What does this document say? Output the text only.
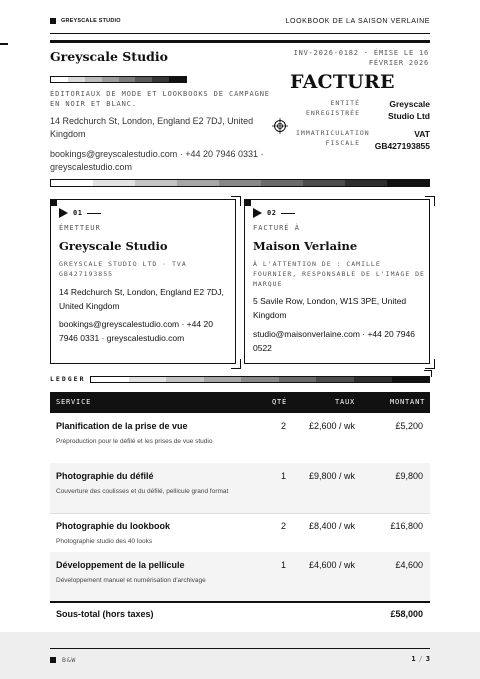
GREYSCALE STUDIO	LOOKBOOK DE LA SAISON VERLAINE
Greyscale Studio
ÉDITORIAUX DE MODE ET LOOKBOOKS DE CAMPAGNE EN NOIR ET BLANC.
14 Redchurch St, London, England E2 7DJ, United Kingdom
bookings@greyscalestudio.com · +44 20 7946 0331 · greyscalestudio.com
INV-2026-0182 · ÉMISE LE 16
FÉVRIER 2026
FACTURE
ENTITÉ ENREGISTRÉE
Greyscale Studio Ltd
IMMATRICULATION FISCALE
VAT GB427193855
01
ÉMETTEUR
Greyscale Studio
GREYSCALE STUDIO LTD · TVA GB427193855
14 Redchurch St, London, England E2 7DJ, United Kingdom
bookings@greyscalestudio.com · +44 20 7946 0331 · greyscalestudio.com
02
FACTURÉ À
Maison Verlaine
À L'ATTENTION DE : CAMILLE FOURNIER, RESPONSABLE DE L'IMAGE DE MARQUE
5 Savile Row, London, W1S 3PE, United Kingdom
studio@maisonverlaine.com · +44 20 7946 0522
LEDGER
SERVICE	QTÉ	TAUX	MONTANT
Planification de la prise de vue
Préproduction pour le défilé et les prises de vue studio
2	£2,600 / wk	£5,200
Photographie du défilé
Couverture des coulisses et du défilé, pellicule grand format
1	£9,800 / wk	£9,800
Photographie du lookbook
Photographie studio des 40 looks
2	£8,400 / wk	£16,800
Développement de la pellicule
Développement manuel et numérisation d'archivage
1	£4,600 / wk	£4,600
Sous-total (hors taxes)	£58,000
B&W	1 / 3
